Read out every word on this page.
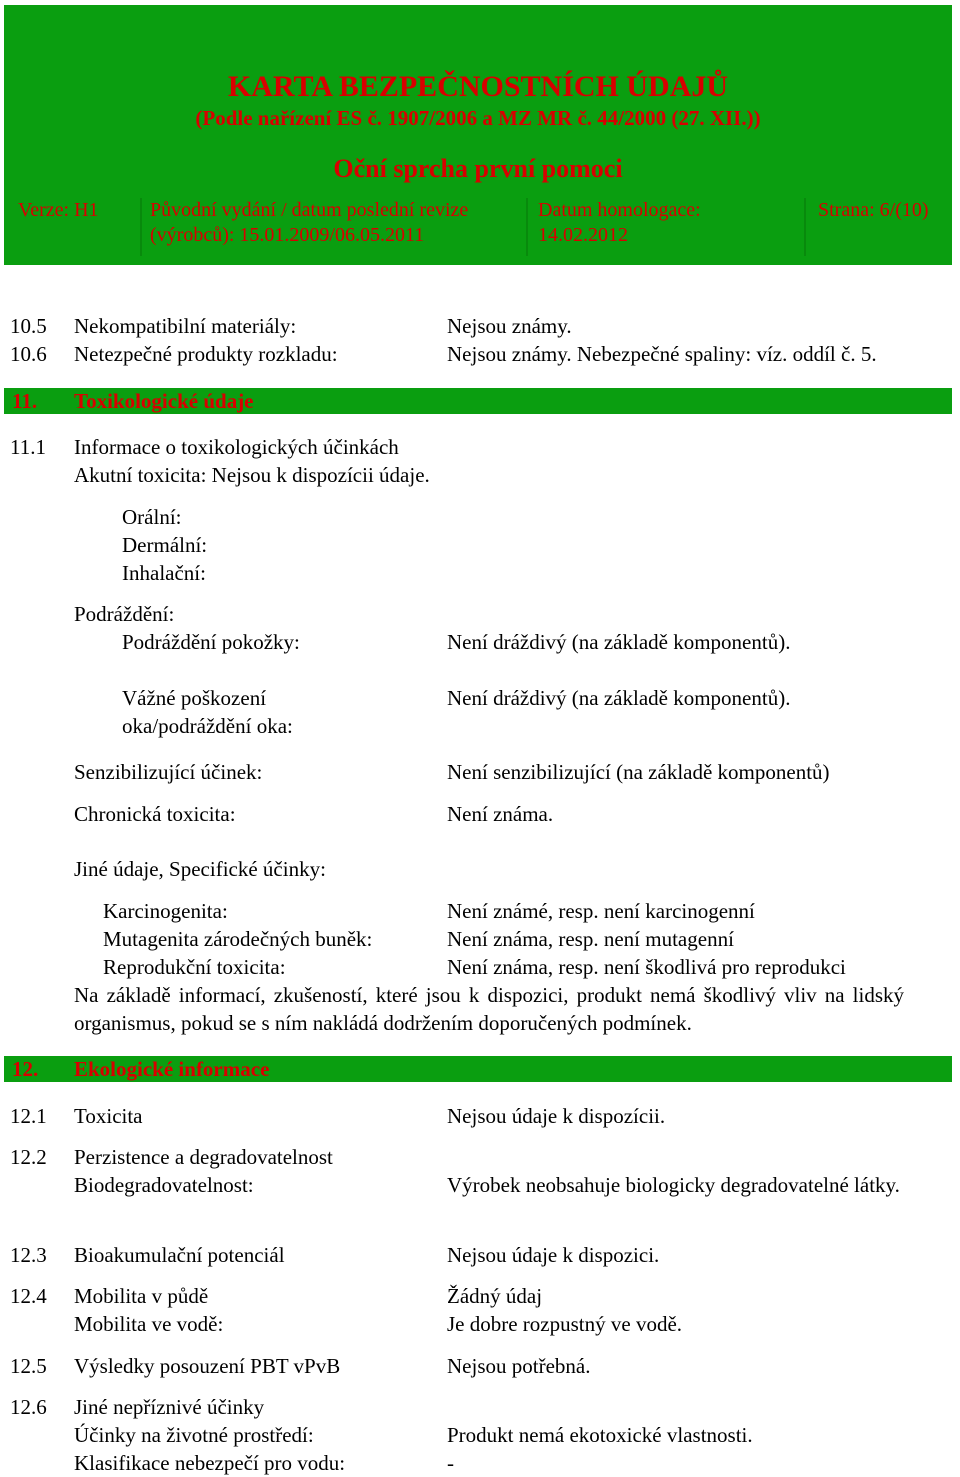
KARTA BEZPEČNOSTNÍCH ÚDAJŮ
(Podle nařízení ES č. 1907/2006 a MZ MR č. 44/2000 (27. XII.))
Oční sprcha první pomoci
Verze: H1	Původní vydání / datum poslední revize
(výrobců): 15.01.2009/06.05.2011
Datum homologace:
14.02.2012
Strana: 6/(10)
10.5 Nekompatibilní materiály:	Nejsou známy.
10.6 Netezpečné produkty rozkladu:	Nejsou známy. Nebezpečné spaliny: víz. oddíl č. 5.
11. Toxikologické údaje
11.1 Informace o toxikologických účinkách
Akutní toxicita: Nejsou k dispozícii údaje.
Orální:
Dermální:
Inhalační:
Podráždění:
Podráždění pokožky:	Není dráždivý (na základě komponentů).
Vážné poškození
oka/podráždění oka:
Není dráždivý (na základě komponentů).
Senzibilizující účinek:	Není senzibilizující (na základě komponentů)
Chronická toxicita:	Není známa.
Jiné údaje, Specifické účinky:
Karcinogenita:	Není známé, resp. není karcinogenní
Mutagenita zárodečných buněk:	Není známa, resp. není mutagenní
Reprodukční toxicita:	Není známa, resp. není škodlivá pro reprodukci
Na základě informací, zkušeností, které jsou k dispozici, produkt nemá škodlivý vliv na lidský organismus, pokud se s ním nakládá dodržením doporučených podmínek.
12. Ekologické informace
12.1 Toxicita	Nejsou údaje k dispozícii.
12.2 Perzistence a degradovatelnost
Biodegradovatelnost:	Výrobek neobsahuje biologicky degradovatelné látky.
12.3 Bioakumulační potenciál	Nejsou údaje k dispozici.
12.4 Mobilita v půdě	Žádný údaj
Mobilita ve vodě:	Je dobre rozpustný ve vodě.
12.5 Výsledky posouzení PBT vPvB	Nejsou potřebná.
12.6 Jiné nepříznivé účinky
Účinky na životné prostředí:	Produkt nemá ekotoxické vlastnosti.
Klasifikace nebezpečí pro vodu:	-
